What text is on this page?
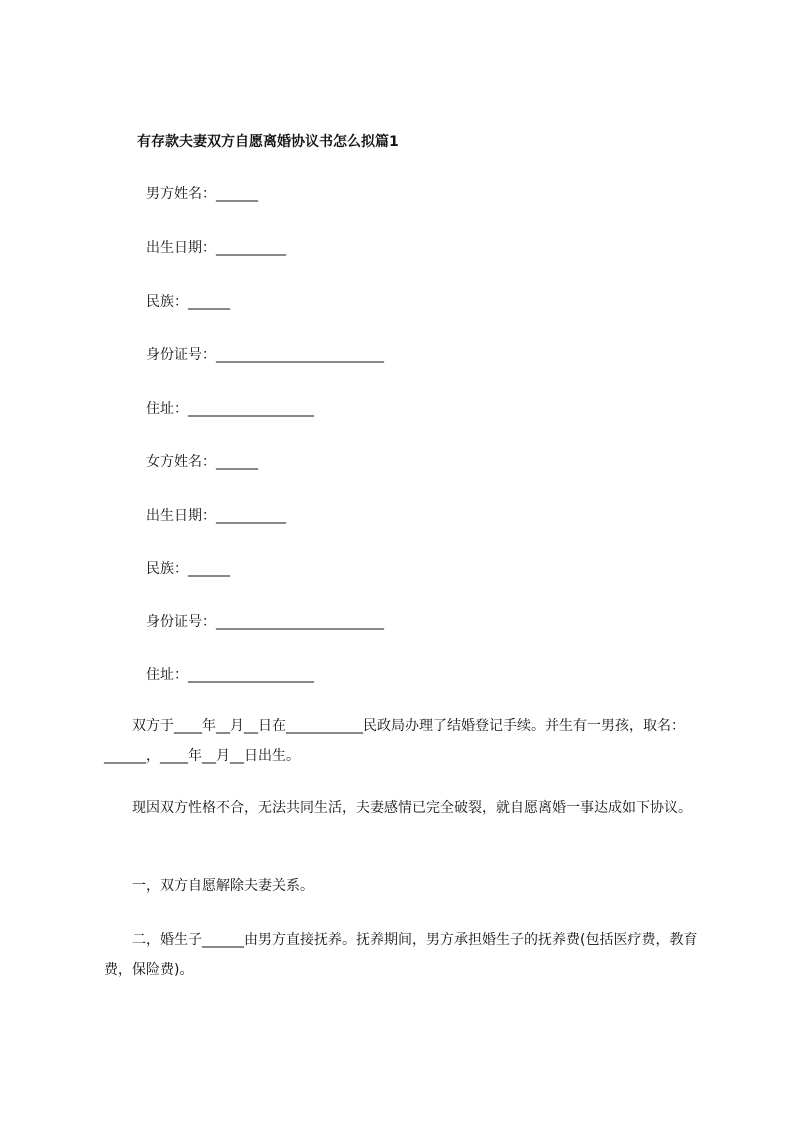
有存款夫妻双方自愿离婚协议书怎么拟篇1
男方姓名：______
出生日期：__________
民族：______
身份证号：________________________
住址：__________________
女方姓名：______
出生日期：__________
民族：______
身份证号：________________________
住址：__________________

　　双方于____年__月__日在___________民政局办理了结婚登记手续。并生有一男孩，取名：______，____年__月__日出生。

　　现因双方性格不合，无法共同生活，夫妻感情已完全破裂，就自愿离婚一事达成如下协议。

　　一，双方自愿解除夫妻关系。

　　二，婚生子______由男方直接抚养。抚养期间，男方承担婚生子的抚养费(包括医疗费，教育费，保险费)。
